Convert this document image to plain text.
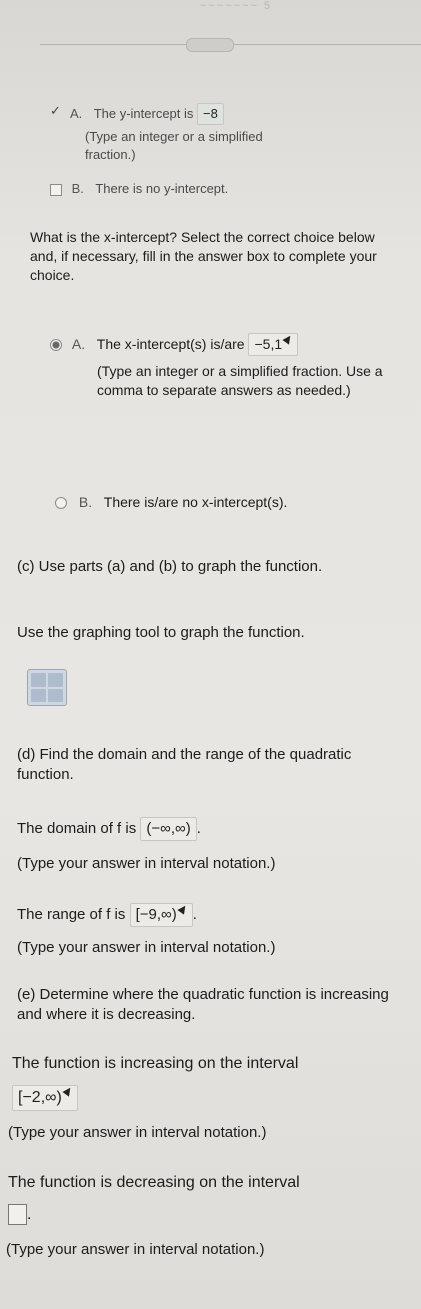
~~~~~~~ 5
✓ A. The y-intercept is −8
(Type an integer or a simplified fraction.)
B. There is no y-intercept.
What is the x-intercept? Select the correct choice below and, if necessary, fill in the answer box to complete your choice.
A. The x-intercept(s) is/are −5,1
(Type an integer or a simplified fraction. Use a comma to separate answers as needed.)
B. There is/are no x-intercept(s).
(c) Use parts (a) and (b) to graph the function.
Use the graphing tool to graph the function.
(d) Find the domain and the range of the quadratic function.
The domain of f is (−∞,∞) .
(Type your answer in interval notation.)
The range of f is [−9,∞) .
(Type your answer in interval notation.)
(e) Determine where the quadratic function is increasing and where it is decreasing.
The function is increasing on the interval
[−2,∞)
(Type your answer in interval notation.)
The function is decreasing on the interval
.
(Type your answer in interval notation.)
